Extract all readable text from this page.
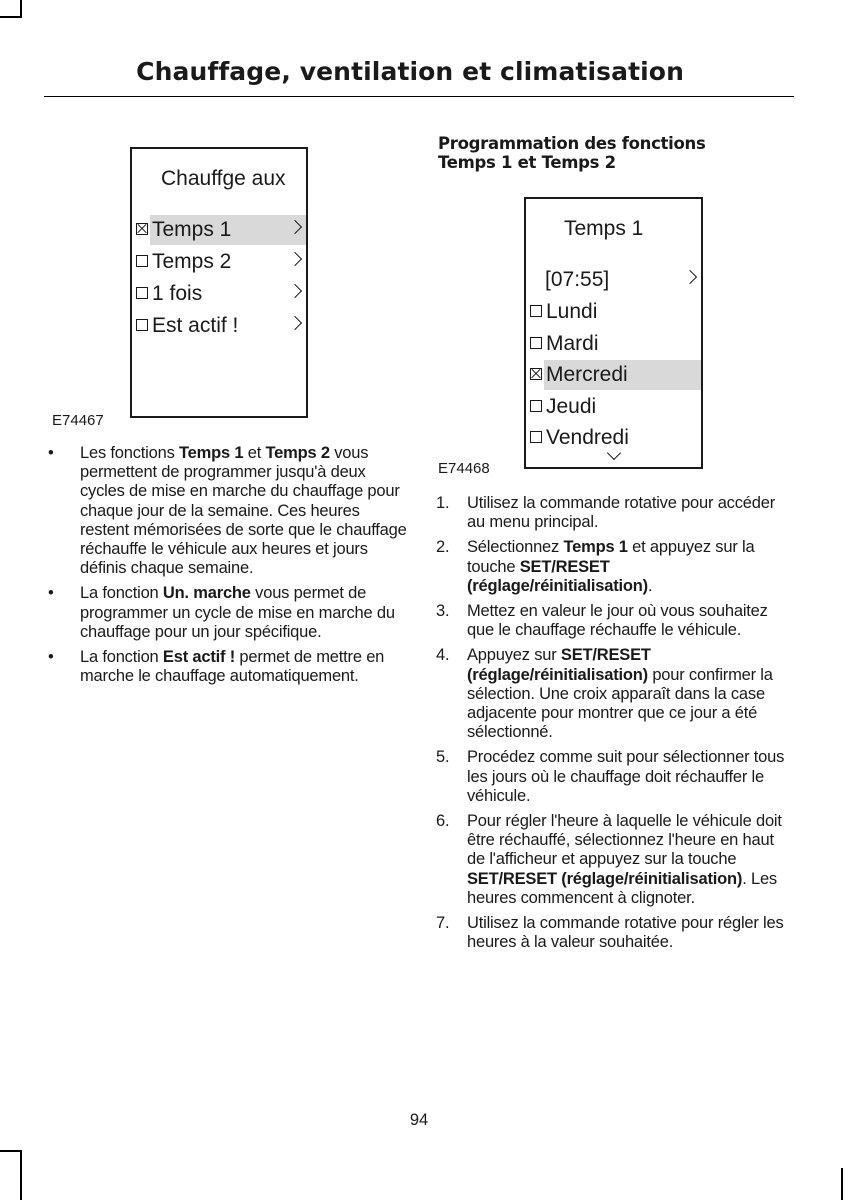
Chauffage, ventilation et climatisation
Chauffge aux
Temps 1
Temps 2
1 fois
Est actif !
E74467
• Les fonctions Temps 1 et Temps 2 vous permettent de programmer jusqu'à deux cycles de mise en marche du chauffage pour chaque jour de la semaine. Ces heures restent mémorisées de sorte que le chauffage réchauffe le véhicule aux heures et jours définis chaque semaine.
• La fonction Un. marche vous permet de programmer un cycle de mise en marche du chauffage pour un jour spécifique.
• La fonction Est actif ! permet de mettre en marche le chauffage automatiquement.
Programmation des fonctions Temps 1 et Temps 2
Temps 1
[07:55]
Lundi
Mardi
Mercredi
Jeudi
Vendredi
E74468
1. Utilisez la commande rotative pour accéder au menu principal.
2. Sélectionnez Temps 1 et appuyez sur la touche SET/RESET (réglage/réinitialisation).
3. Mettez en valeur le jour où vous souhaitez que le chauffage réchauffe le véhicule.
4. Appuyez sur SET/RESET (réglage/réinitialisation) pour confirmer la sélection. Une croix apparaît dans la case adjacente pour montrer que ce jour a été sélectionné.
5. Procédez comme suit pour sélectionner tous les jours où le chauffage doit réchauffer le véhicule.
6. Pour régler l'heure à laquelle le véhicule doit être réchauffé, sélectionnez l'heure en haut de l'afficheur et appuyez sur la touche SET/RESET (réglage/réinitialisation). Les heures commencent à clignoter.
7. Utilisez la commande rotative pour régler les heures à la valeur souhaitée.
94
